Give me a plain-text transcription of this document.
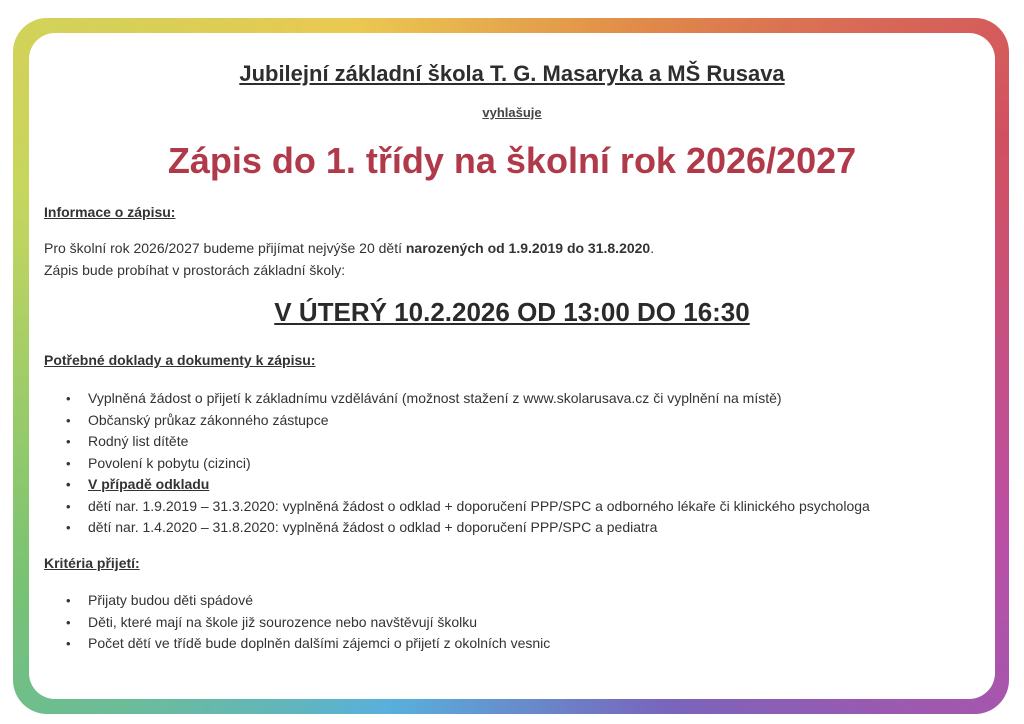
Jubilejní základní škola T. G. Masaryka a MŠ Rusava
vyhlašuje
Zápis do 1. třídy na školní rok 2026/2027
Informace o zápisu:
Pro školní rok 2026/2027 budeme přijímat nejvýše 20 dětí narozených od 1.9.2019 do 31.8.2020.
Zápis bude probíhat v prostorách základní školy:
V ÚTERÝ 10.2.2026 OD 13:00 DO 16:30
Potřebné doklady a dokumenty k zápisu:
• Vyplněná žádost o přijetí k základnímu vzdělávání (možnost stažení z www.skolarusava.cz či vyplnění na místě)
• Občanský průkaz zákonného zástupce
• Rodný list dítěte
• Povolení k pobytu (cizinci)
• V případě odkladu
• dětí nar. 1.9.2019 – 31.3.2020: vyplněná žádost o odklad + doporučení PPP/SPC a odborného lékaře či klinického psychologa
• dětí nar. 1.4.2020 – 31.8.2020: vyplněná žádost o odklad + doporučení PPP/SPC a pediatra
Kritéria přijetí:
• Přijaty budou děti spádové
• Děti, které mají na škole již sourozence nebo navštěvují školku
• Počet dětí ve třídě bude doplněn dalšími zájemci o přijetí z okolních vesnic
